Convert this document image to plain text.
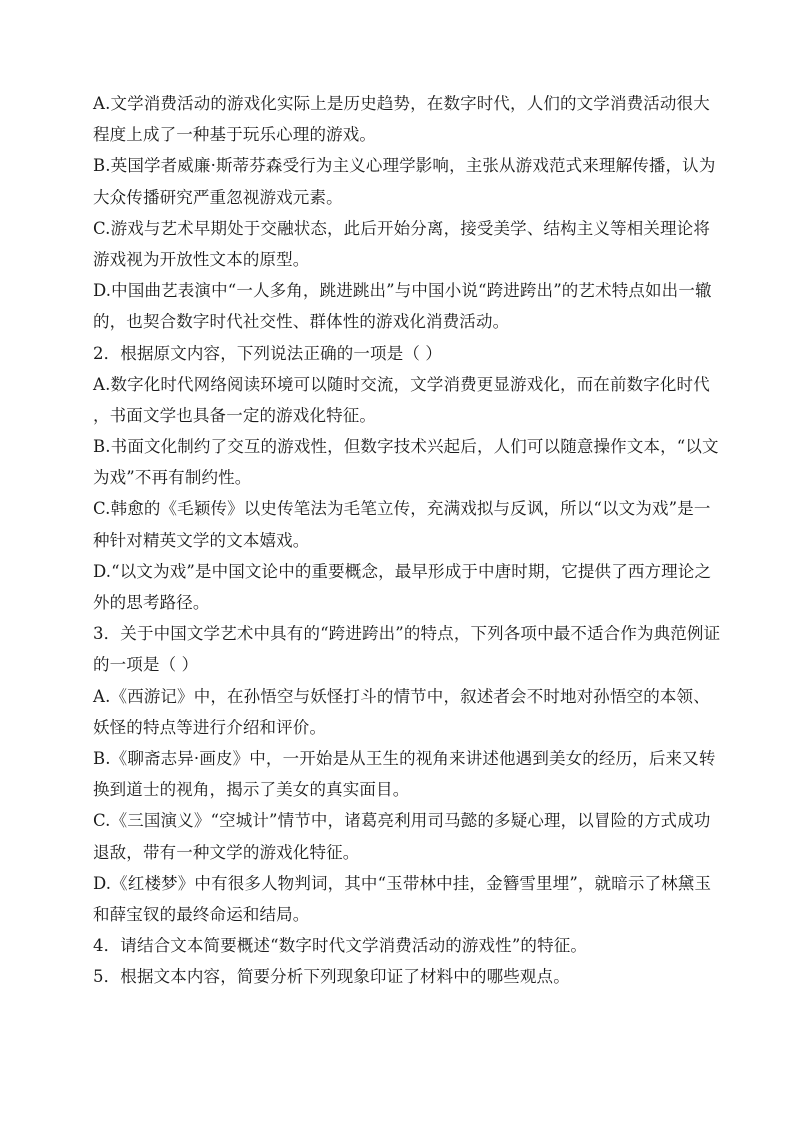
A.文学消费活动的游戏化实际上是历史趋势，在数字时代，人们的文学消费活动很大
程度上成了一种基于玩乐心理的游戏。
B.英国学者威廉·斯蒂芬森受行为主义心理学影响，主张从游戏范式来理解传播，认为
大众传播研究严重忽视游戏元素。
C.游戏与艺术早期处于交融状态，此后开始分离，接受美学、结构主义等相关理论将
游戏视为开放性文本的原型。
D.中国曲艺表演中“一人多角，跳进跳出”与中国小说“跨进跨出”的艺术特点如出一辙
的，也契合数字时代社交性、群体性的游戏化消费活动。
2．根据原文内容，下列说法正确的一项是（ ）
A.数字化时代网络阅读环境可以随时交流，文学消费更显游戏化，而在前数字化时代
，书面文学也具备一定的游戏化特征。
B.书面文化制约了交互的游戏性，但数字技术兴起后，人们可以随意操作文本，“以文
为戏”不再有制约性。
C.韩愈的《毛颖传》以史传笔法为毛笔立传，充满戏拟与反讽，所以“以文为戏”是一
种针对精英文学的文本嬉戏。
D.“以文为戏”是中国文论中的重要概念，最早形成于中唐时期，它提供了西方理论之
外的思考路径。
3．关于中国文学艺术中具有的“跨进跨出”的特点，下列各项中最不适合作为典范例证
的一项是（ ）
A.《西游记》中，在孙悟空与妖怪打斗的情节中，叙述者会不时地对孙悟空的本领、
妖怪的特点等进行介绍和评价。
B.《聊斋志异·画皮》中，一开始是从王生的视角来讲述他遇到美女的经历，后来又转
换到道士的视角，揭示了美女的真实面目。
C.《三国演义》“空城计”情节中，诸葛亮利用司马懿的多疑心理，以冒险的方式成功
退敌，带有一种文学的游戏化特征。
D.《红楼梦》中有很多人物判词，其中“玉带林中挂，金簪雪里埋”，就暗示了林黛玉
和薛宝钗的最终命运和结局。
4．请结合文本简要概述“数字时代文学消费活动的游戏性”的特征。
5．根据文本内容，简要分析下列现象印证了材料中的哪些观点。
